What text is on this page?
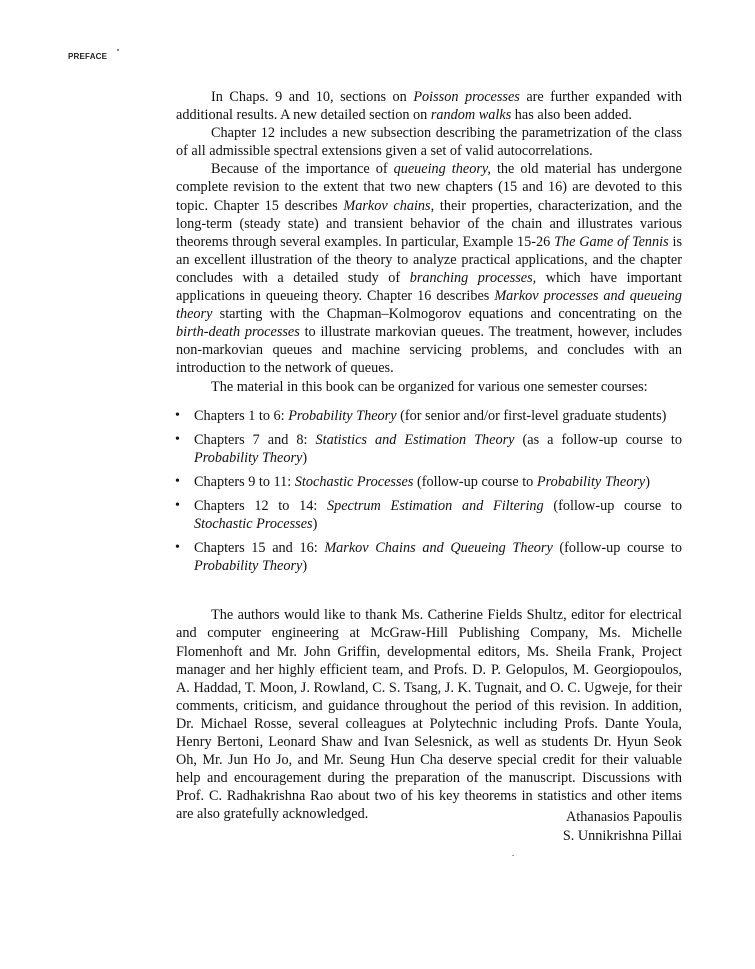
PREFACE

In Chaps. 9 and 10, sections on Poisson processes are further expanded with additional results. A new detailed section on random walks has also been added.

Chapter 12 includes a new subsection describing the parametrization of the class of all admissible spectral extensions given a set of valid autocorrelations.

Because of the importance of queueing theory, the old material has undergone complete revision to the extent that two new chapters (15 and 16) are devoted to this topic. Chapter 15 describes Markov chains, their properties, characterization, and the long-term (steady state) and transient behavior of the chain and illustrates various theorems through several examples. In particular, Example 15-26 The Game of Tennis is an excellent illustration of the theory to analyze practical applications, and the chapter concludes with a detailed study of branching processes, which have important applications in queueing theory. Chapter 16 describes Markov processes and queueing theory starting with the Chapman–Kolmogorov equations and concentrating on the birth-death processes to illustrate markovian queues. The treatment, however, includes non-markovian queues and machine servicing problems, and concludes with an introduction to the network of queues.

The material in this book can be organized for various one semester courses:

• Chapters 1 to 6: Probability Theory (for senior and/or first-level graduate students)
• Chapters 7 and 8: Statistics and Estimation Theory (as a follow-up course to Probability Theory)
• Chapters 9 to 11: Stochastic Processes (follow-up course to Probability Theory)
• Chapters 12 to 14: Spectrum Estimation and Filtering (follow-up course to Stochastic Processes)
• Chapters 15 and 16: Markov Chains and Queueing Theory (follow-up course to Probability Theory)

The authors would like to thank Ms. Catherine Fields Shultz, editor for electrical and computer engineering at McGraw-Hill Publishing Company, Ms. Michelle Flomenhoft and Mr. John Griffin, developmental editors, Ms. Sheila Frank, Project manager and her highly efficient team, and Profs. D. P. Gelopulos, M. Georgiopoulos, A. Haddad, T. Moon, J. Rowland, C. S. Tsang, J. K. Tugnait, and O. C. Ugweje, for their comments, criticism, and guidance throughout the period of this revision. In addition, Dr. Michael Rosse, several colleagues at Polytechnic including Profs. Dante Youla, Henry Bertoni, Leonard Shaw and Ivan Selesnick, as well as students Dr. Hyun Seok Oh, Mr. Jun Ho Jo, and Mr. Seung Hun Cha deserve special credit for their valuable help and encouragement during the preparation of the manuscript. Discussions with Prof. C. Radhakrishna Rao about two of his key theorems in statistics and other items are also gratefully acknowledged.	Athanasios Papoulis
S. Unnikrishna Pillai
